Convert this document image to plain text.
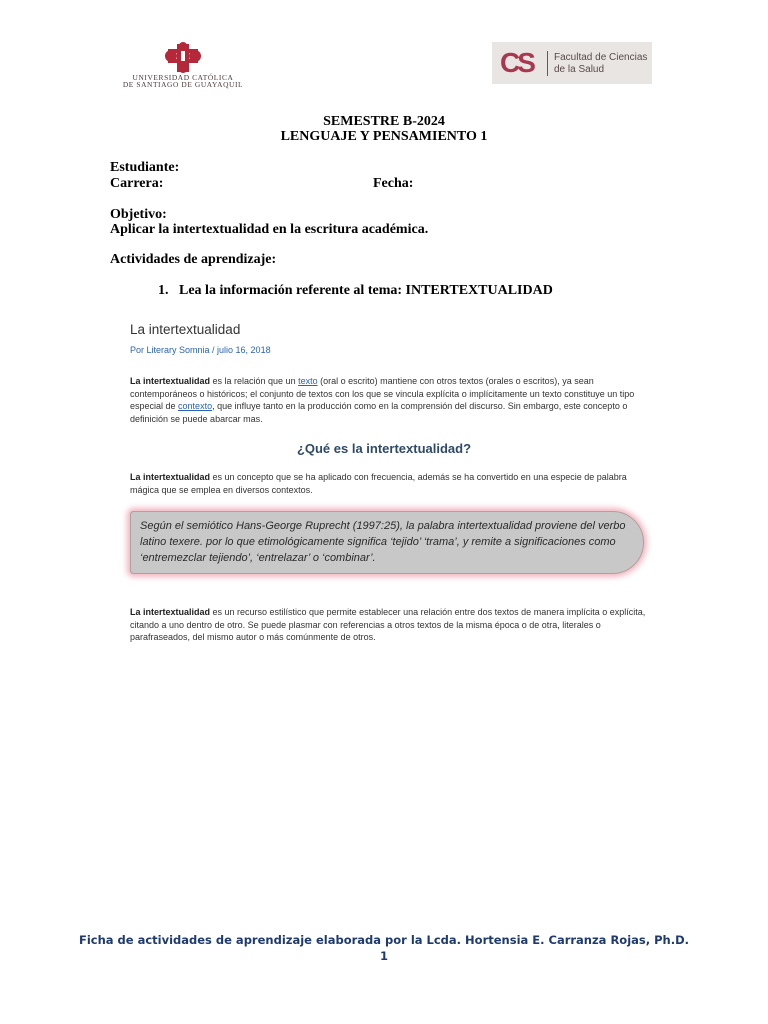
UNIVERSIDAD CATÓLICA
DE SANTIAGO DE GUAYAQUIL
CS Facultad de Ciencias
de la Salud
SEMESTRE B-2024
LENGUAJE Y PENSAMIENTO 1
Estudiante:
Carrera:	Fecha:
Objetivo:
Aplicar la intertextualidad en la escritura académica.
Actividades de aprendizaje:
1. Lea la información referente al tema: INTERTEXTUALIDAD
La intertextualidad
Por Literary Somnia / julio 16, 2018
La intertextualidad es la relación que un texto (oral o escrito) mantiene con otros textos (orales o escritos), ya sean contemporáneos o históricos; el conjunto de textos con los que se vincula explícita o implícitamente un texto constituye un tipo especial de contexto, que influye tanto en la producción como en la comprensión del discurso. Sin embargo, este concepto o definición se puede abarcar mas.
¿Qué es la intertextualidad?
La intertextualidad es un concepto que se ha aplicado con frecuencia, además se ha convertido en una especie de palabra mágica que se emplea en diversos contextos.
Según el semiótico Hans-George Ruprecht (1997:25), la palabra intertextualidad proviene del verbo latino texere. por lo que etimológicamente significa ‘tejido’ ‘trama’, y remite a significaciones como ‘entremezclar tejiendo’, ‘entrelazar’ o ‘combinar’.
La intertextualidad es un recurso estilístico que permite establecer una relación entre dos textos de manera implícita o explícita, citando a uno dentro de otro. Se puede plasmar con referencias a otros textos de la misma época o de otra, literales o parafraseados, del mismo autor o más comúnmente de otros.
Ficha de actividades de aprendizaje elaborada por la Lcda. Hortensia E. Carranza Rojas, Ph.D.
1
